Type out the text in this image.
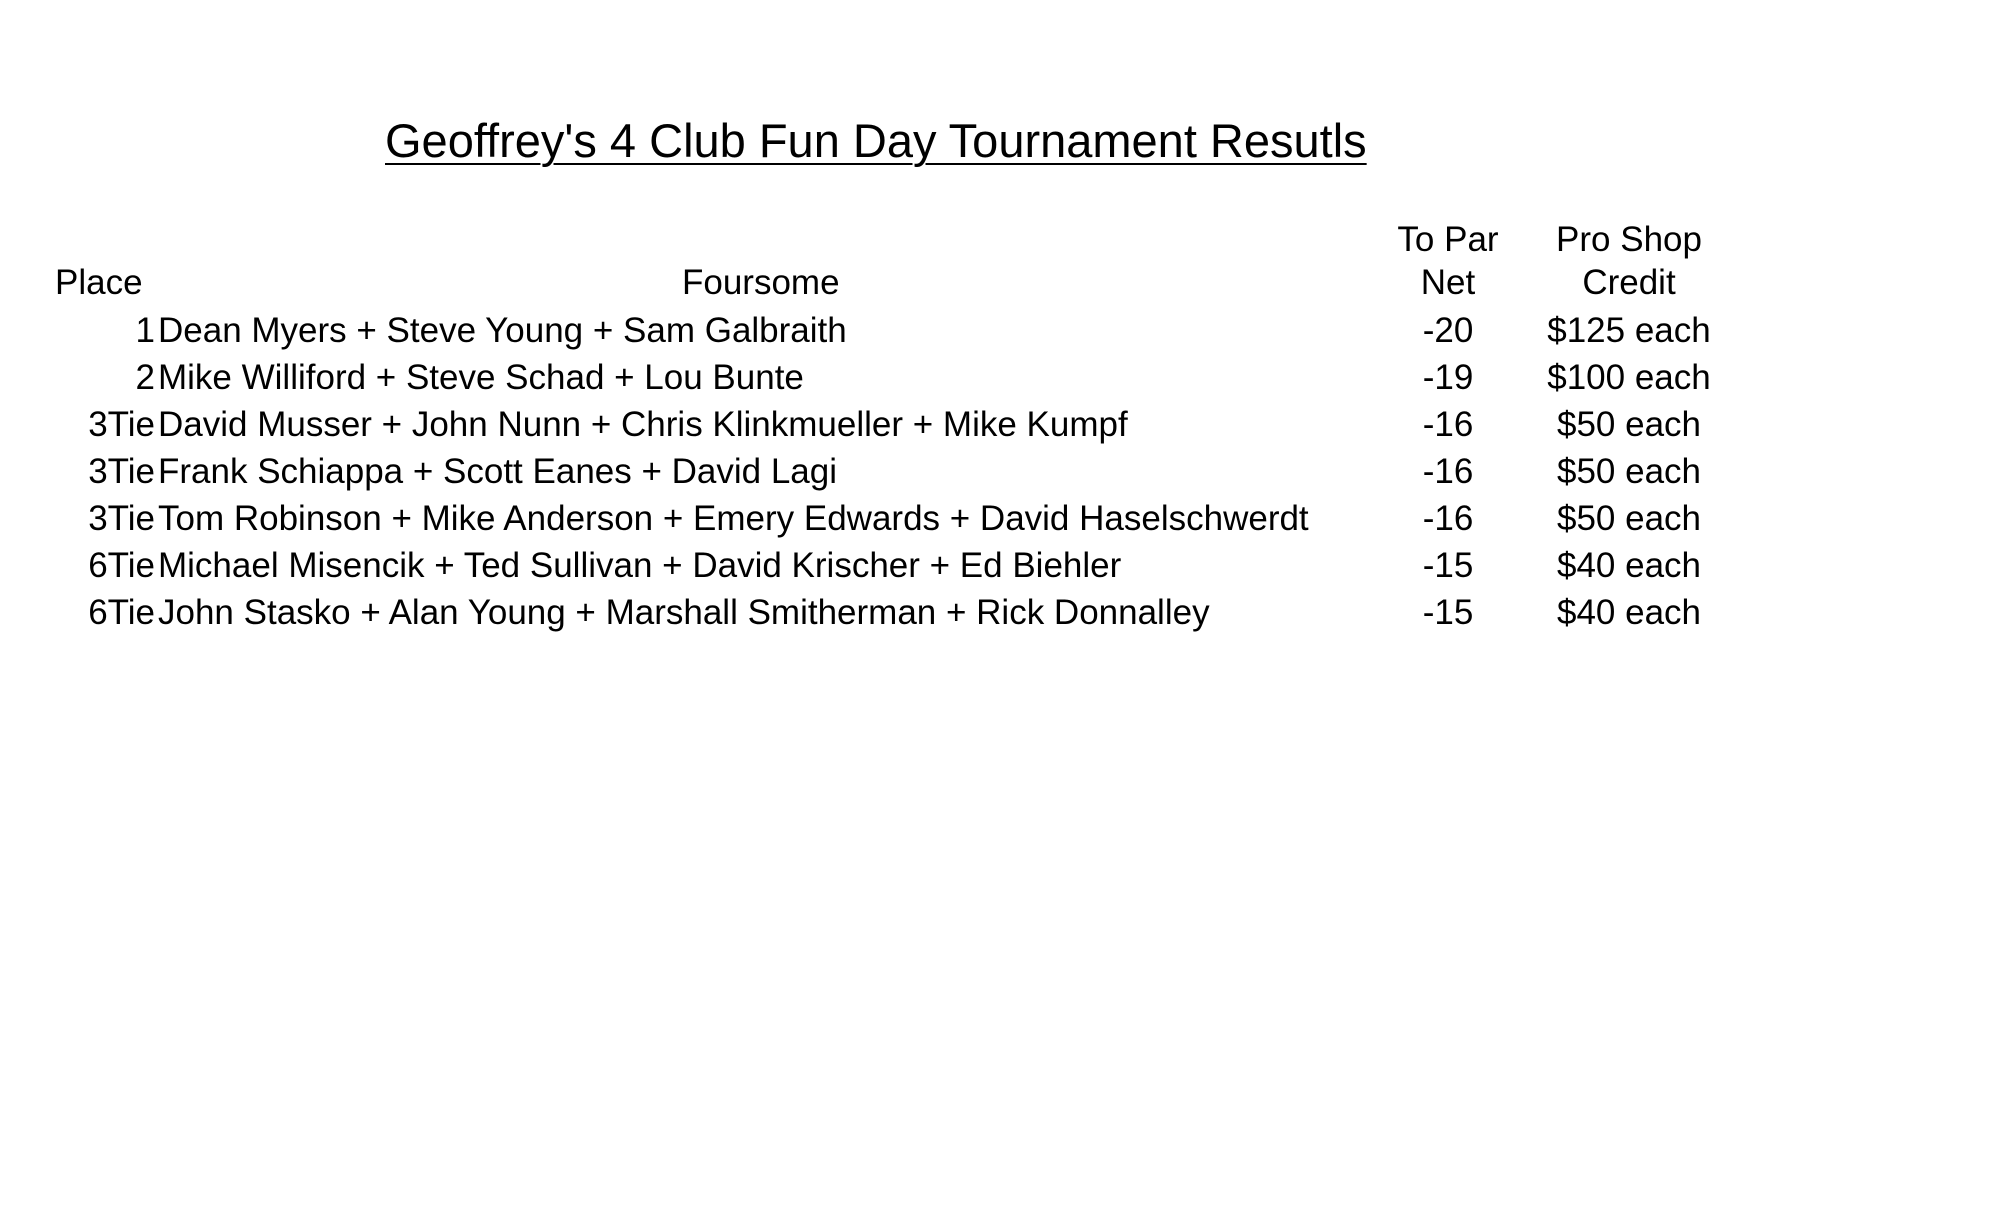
Geoffrey's 4 Club Fun Day Tournament Resutls
To Par	Pro Shop
Place	Foursome	Net	Credit
1 Dean Myers + Steve Young + Sam Galbraith	-20	$125 each
2 Mike Williford + Steve Schad + Lou Bunte	-19	$100 each
3Tie David Musser + John Nunn + Chris Klinkmueller + Mike Kumpf	-16	$50 each
3Tie Frank Schiappa + Scott Eanes + David Lagi	-16	$50 each
3Tie Tom Robinson + Mike Anderson + Emery Edwards + David Haselschwerdt	-16	$50 each
6Tie Michael Misencik + Ted Sullivan + David Krischer + Ed Biehler	-15	$40 each
6Tie John Stasko + Alan Young + Marshall Smitherman + Rick Donnalley	-15	$40 each
